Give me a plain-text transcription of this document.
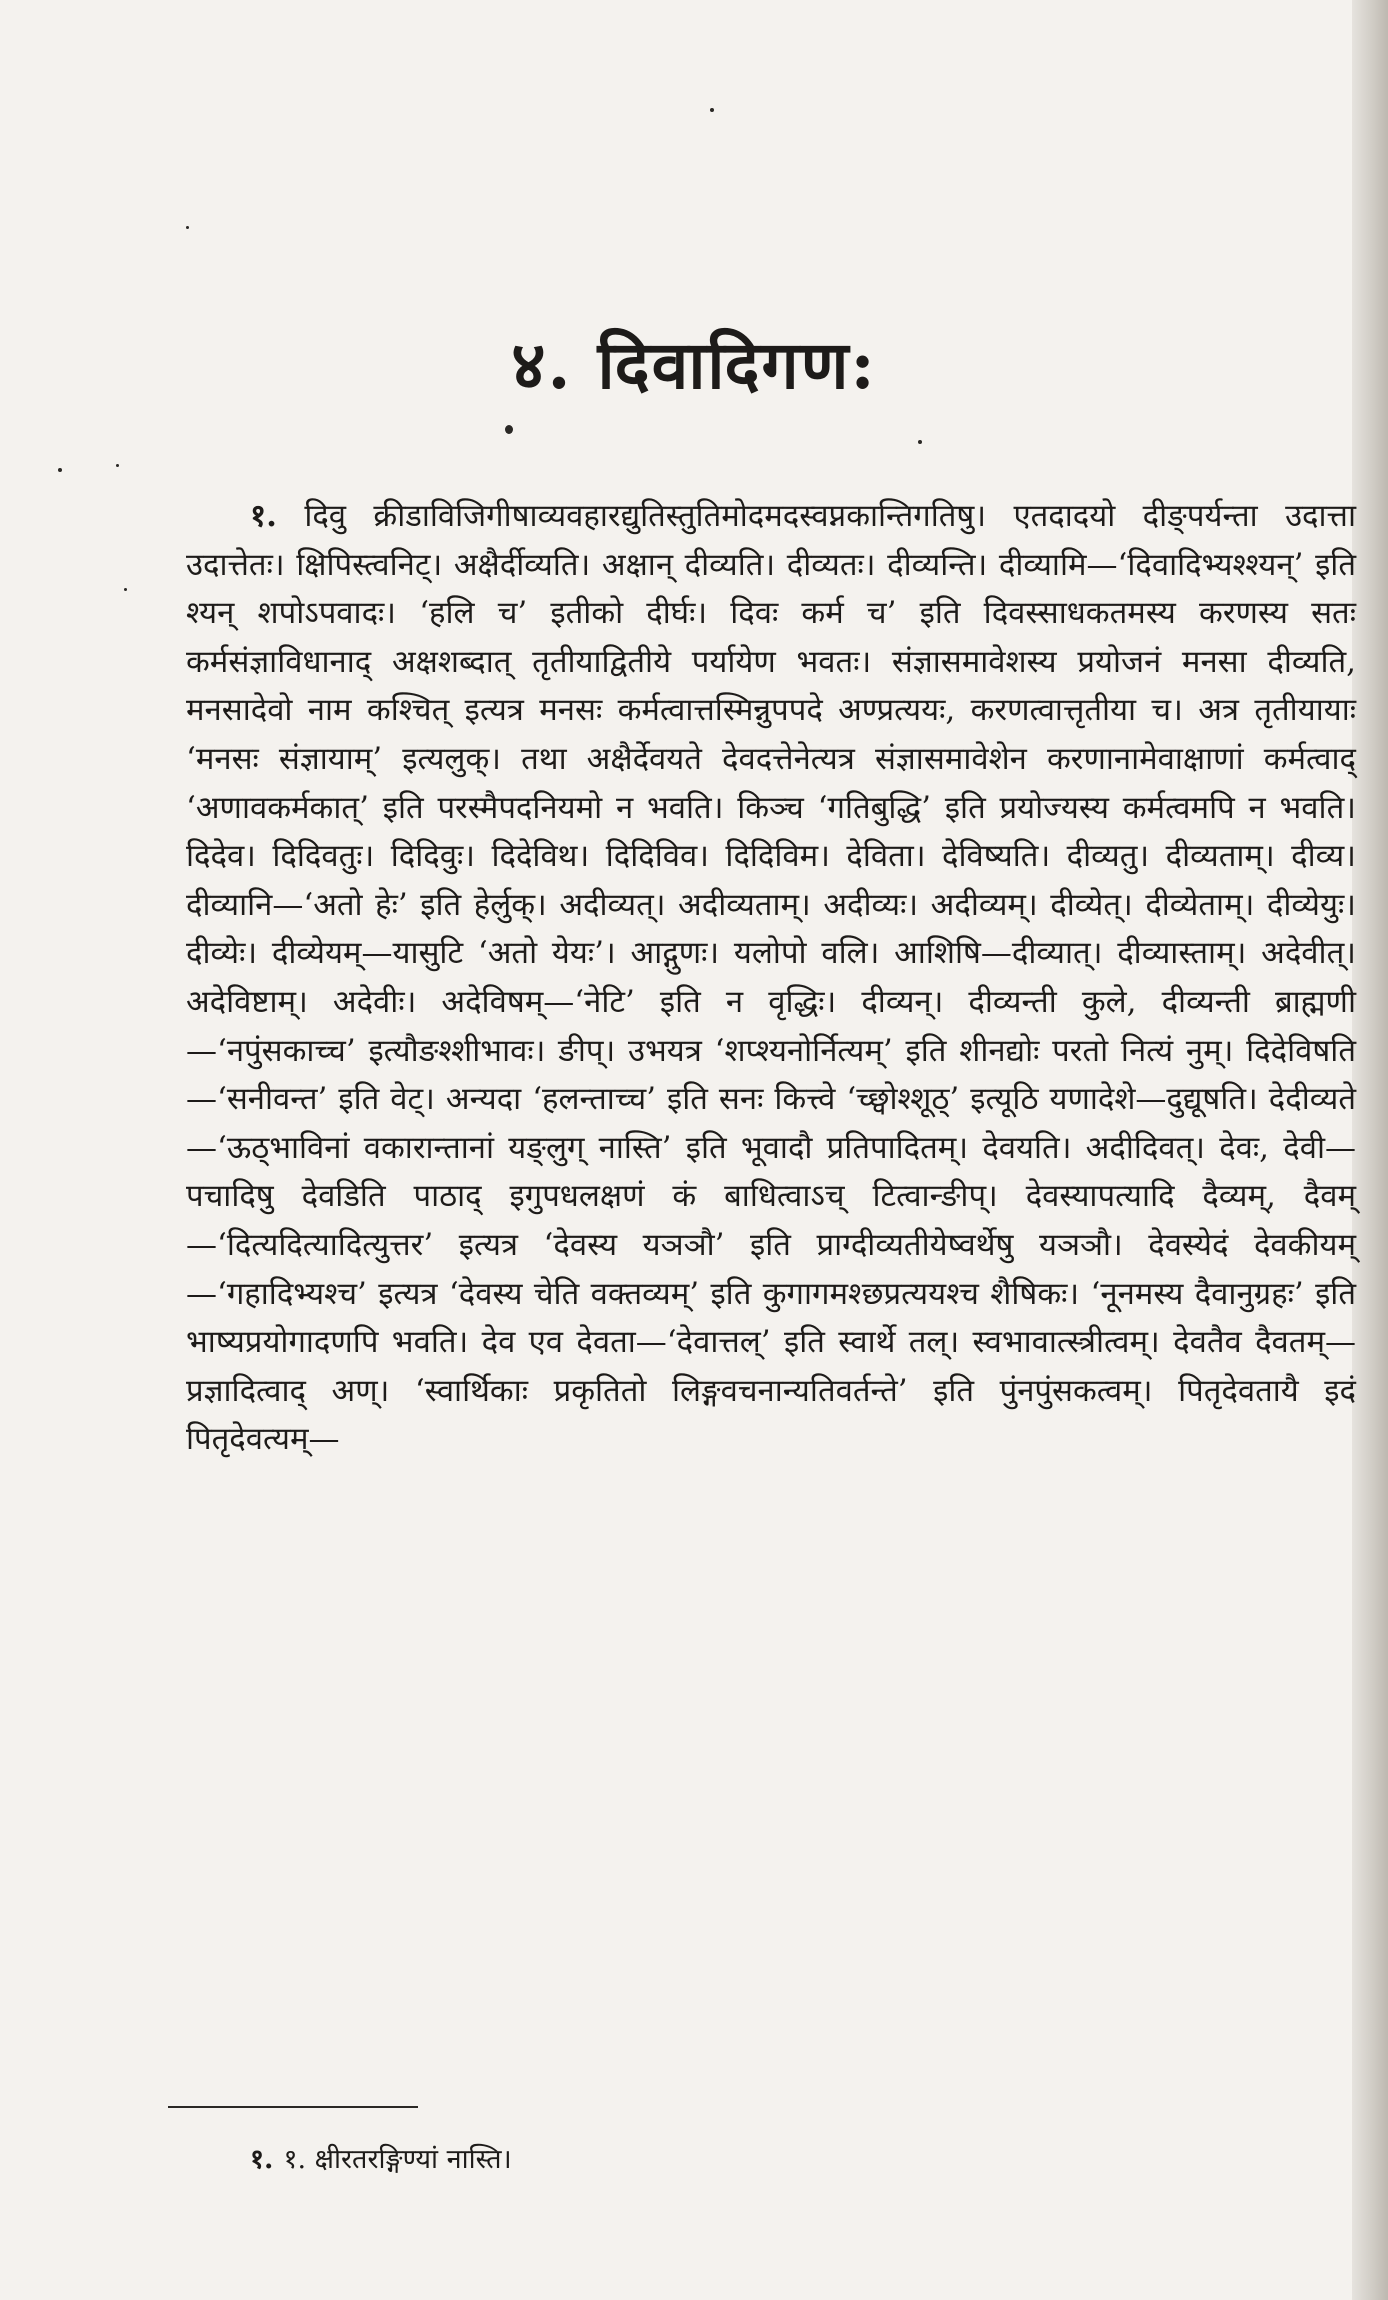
४. दिवादिगण:

१. दिवु क्रीडाविजिगीषाव्यवहारद्युतिस्तुतिमोदमदस्वप्नकान्तिगतिषु। एतदादयो दीङ्पर्यन्ता उदात्ता उदात्तेतः। क्षिपिस्त्वनिट्। अक्षैर्दीव्यति। अक्षान् दीव्यति। दीव्यतः। दीव्यन्ति। दीव्यामि—‘दिवादिभ्यश्श्यन्’ इति श्यन् शपोऽपवादः। ‘हलि च’ इतीको दीर्घः। दिवः कर्म च’ इति दिवस्साधकतमस्य करणस्य सतः कर्मसंज्ञाविधानाद् अक्षशब्दात् तृतीयाद्वितीये पर्यायेण भवतः। संज्ञासमावेशस्य प्रयोजनं मनसा दीव्यति, मनसादेवो नाम कश्चित् इत्यत्र मनसः कर्मत्वात्तस्मिन्नुपपदे अण्प्रत्ययः, करणत्वात्तृतीया च। अत्र तृतीयायाः ‘मनसः संज्ञायाम्’ इत्यलुक्। तथा अक्षैर्देवयते देवदत्तेनेत्यत्र संज्ञासमावेशेन करणानामेवाक्षाणां कर्मत्वाद् ‘अणावकर्मकात्’ इति परस्मैपदनियमो न भवति। किञ्च ‘गतिबुद्धि’ इति प्रयोज्यस्य कर्मत्वमपि न भवति। दिदेव। दिदिवतुः। दिदिवुः। दिदेविथ। दिदिविव। दिदिविम। देविता। देविष्यति। दीव्यतु। दीव्यताम्। दीव्य। दीव्यानि—‘अतो हेः’ इति हेर्लुक्। अदीव्यत्। अदीव्यताम्। अदीव्यः। अदीव्यम्। दीव्येत्। दीव्येताम्। दीव्येयुः। दीव्येः। दीव्येयम्—यासुटि ‘अतो येयः’। आद्गुणः। यलोपो वलि। आशिषि—दीव्यात्। दीव्यास्ताम्। अदेवीत्। अदेविष्टाम्। अदेवीः। अदेविषम्—‘नेटि’ इति न वृद्धिः। दीव्यन्। दीव्यन्ती कुले, दीव्यन्ती ब्राह्मणी—‘नपुंसकाच्च’ इत्यौङश्शीभावः। ङीप्। उभयत्र ‘शप्श्यनोर्नित्यम्’ इति शीनद्योः परतो नित्यं नुम्। दिदेविषति—‘सनीवन्त’ इति वेट्। अन्यदा ‘हलन्ताच्च’ इति सनः कित्त्वे ‘च्छ्वोश्शूठ्’ इत्यूठि यणादेशे—दुद्यूषति। देदीव्यते—‘ऊठ्भाविनां वकारान्तानां यङ्लुग् नास्ति’ इति भूवादौ प्रतिपादितम्। देवयति। अदीदिवत्। देवः, देवी—पचादिषु देवडिति पाठाद् इगुपधलक्षणं कं बाधित्वाऽच् टित्वान्ङीप्। देवस्यापत्यादि दैव्यम्, दैवम्—‘दित्यदित्यादित्युत्तर’ इत्यत्र ‘देवस्य यञञौ’ इति प्राग्दीव्यतीयेष्वर्थेषु यञञौ। देवस्येदं देवकीयम्—‘गहादिभ्यश्च’ इत्यत्र ‘देवस्य चेति वक्तव्यम्’ इति कुगागमश्छप्रत्ययश्च शैषिकः। ‘नूनमस्य दैवानुग्रहः’ इति भाष्यप्रयोगादणपि भवति। देव एव देवता—‘देवात्तल्’ इति स्वार्थे तल्। स्वभावात्स्त्रीत्वम्। देवतैव दैवतम्—प्रज्ञादित्वाद् अण्। ‘स्वार्थिकाः प्रकृतितो लिङ्गवचनान्यतिवर्तन्ते’ इति पुंनपुंसकत्वम्। पितृदेवतायै इदं पितृदेवत्यम्—

१. १. क्षीरतरङ्गिण्यां नास्ति।
